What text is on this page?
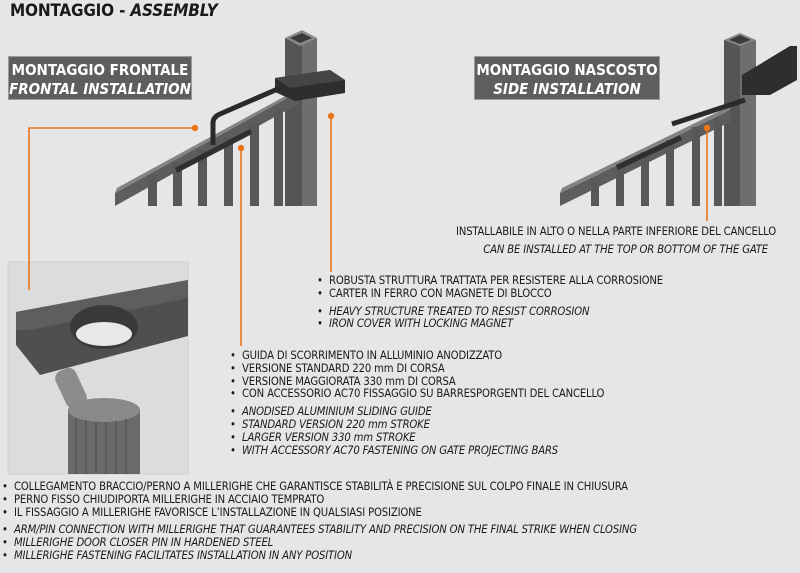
MONTAGGIO - ASSEMBLY
MONTAGGIO FRONTALE
FRONTAL INSTALLATION
MONTAGGIO NASCOSTO
SIDE INSTALLATION
INSTALLABILE IN ALTO O NELLA PARTE INFERIORE DEL CANCELLO
CAN BE INSTALLED AT THE TOP OR BOTTOM OF THE GATE
• ROBUSTA STRUTTURA TRATTATA PER RESISTERE ALLA CORROSIONE
• CARTER IN FERRO CON MAGNETE DI BLOCCO
• HEAVY STRUCTURE TREATED TO RESIST CORROSION
• IRON COVER WITH LOCKING MAGNET
• GUIDA DI SCORRIMENTO IN ALLUMINIO ANODIZZATO
• VERSIONE STANDARD 220 mm DI CORSA
• VERSIONE MAGGIORATA 330 mm DI CORSA
• CON ACCESSORIO AC70 FISSAGGIO SU BARRESPORGENTI DEL CANCELLO
• ANODISED ALUMINIUM SLIDING GUIDE
• STANDARD VERSION 220 mm STROKE
• LARGER VERSION 330 mm STROKE
• WITH ACCESSORY AC70 FASTENING ON GATE PROJECTING BARS
• COLLEGAMENTO BRACCIO/PERNO A MILLERIGHE CHE GARANTISCE STABILITÀ E PRECISIONE SUL COLPO FINALE IN CHIUSURA
• PERNO FISSO CHIUDIPORTA MILLERIGHE IN ACCIAIO TEMPRATO
• IL FISSAGGIO A MILLERIGHE FAVORISCE L’INSTALLAZIONE IN QUALSIASI POSIZIONE
• ARM/PIN CONNECTION WITH MILLERIGHE THAT GUARANTEES STABILITY AND PRECISION ON THE FINAL STRIKE WHEN CLOSING
• MILLERIGHE DOOR CLOSER PIN IN HARDENED STEEL
• MILLERIGHE FASTENING FACILITATES INSTALLATION IN ANY POSITION
